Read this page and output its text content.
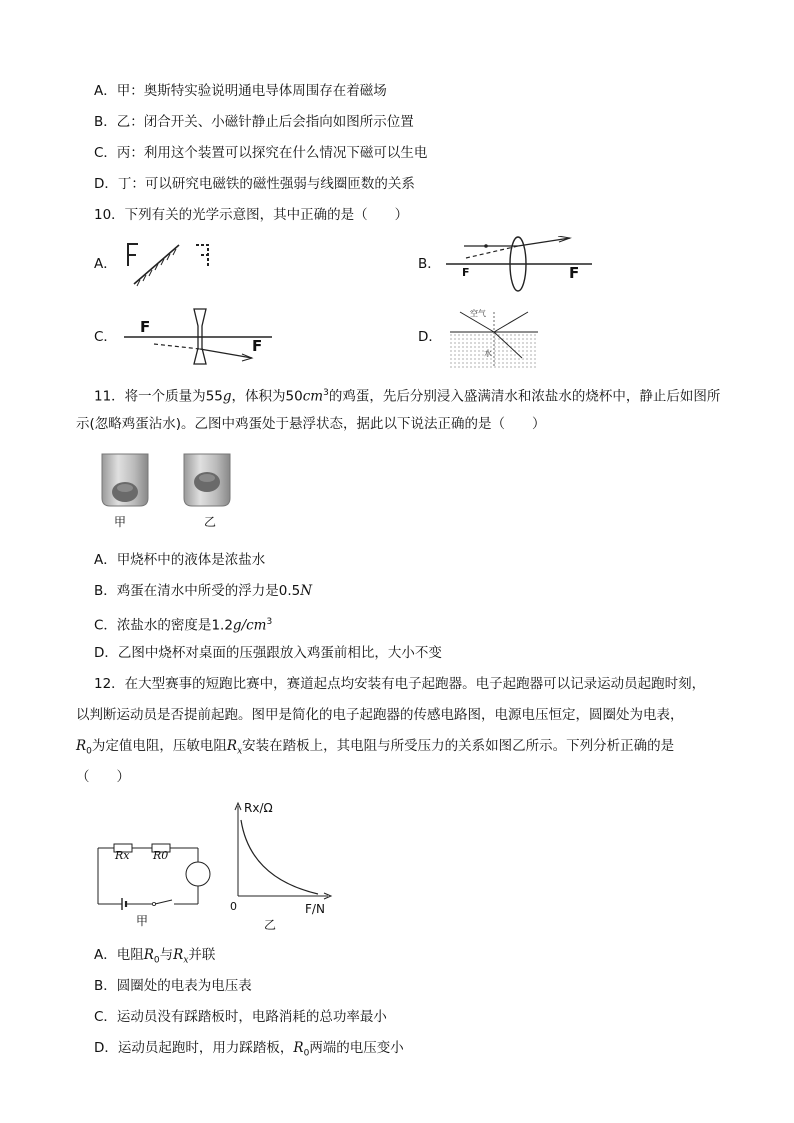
A．甲：奥斯特实验说明通电导体周围存在着磁场
B．乙：闭合开关、小磁针静止后会指向如图所示位置
C．丙：利用这个装置可以探究在什么情况下磁可以生电
D．丁：可以研究电磁铁的磁性强弱与线圈匝数的关系
10．下列有关的光学示意图，其中正确的是（　　）
A．	B．
F	F
C．
F
F	D．
空气
水
11．将一个质量为55g，体积为$50cm^3$的鸡蛋，先后分别浸入盛满清水和浓盐水的烧杯中，静止后如图所
示(忽略鸡蛋沾水)。乙图中鸡蛋处于悬浮状态，据此以下说法正确的是（　　）
甲	乙
A．甲烧杯中的液体是浓盐水
B．鸡蛋在清水中所受的浮力是0.5N
C．浓盐水的密度是$1.2g/cm^3$
D．乙图中烧杯对桌面的压强跟放入鸡蛋前相比，大小不变
12．在大型赛事的短跑比赛中，赛道起点均安装有电子起跑器。电子起跑器可以记录运动员起跑时刻，
以判断运动员是否提前起跑。图甲是简化的电子起跑器的传感电路图，电源电压恒定，圆圈处为电表，
$R_0$为定值电阻，压敏电阻$R_x$安装在踏板上，其电阻与所受压力的关系如图乙所示。下列分析正确的是
（　　）
Rx R0
甲
Rx/Ω
F/N
0
乙
A．电阻$R_0$与$R_x$并联
B．圆圈处的电表为电压表
C．运动员没有踩踏板时，电路消耗的总功率最小
D．运动员起跑时，用力踩踏板，$R_0$两端的电压变小
